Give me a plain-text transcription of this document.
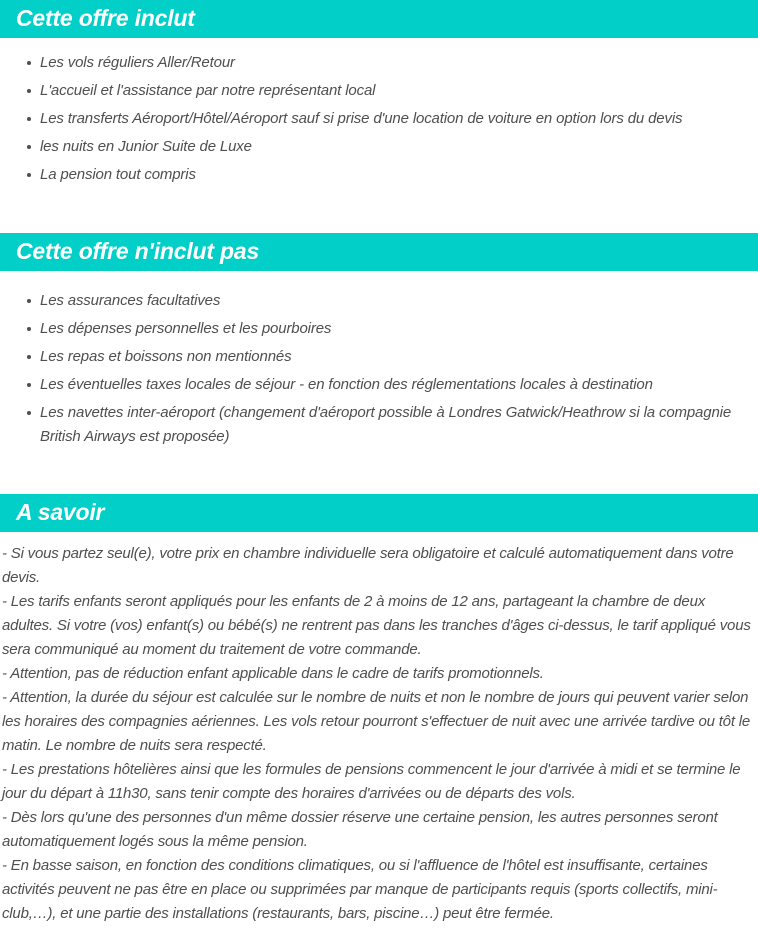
Cette offre inclut
Les vols réguliers Aller/Retour
L'accueil et l'assistance par notre représentant local
Les transferts Aéroport/Hôtel/Aéroport sauf si prise d'une location de voiture en option lors du devis
les nuits en Junior Suite de Luxe
La pension tout compris
Cette offre n'inclut pas
Les assurances facultatives
Les dépenses personnelles et les pourboires
Les repas et boissons non mentionnés
Les éventuelles taxes locales de séjour - en fonction des réglementations locales à destination
Les navettes inter-aéroport (changement d'aéroport possible à Londres Gatwick/Heathrow si la compagnie British Airways est proposée)
A savoir

- Si vous partez seul(e), votre prix en chambre individuelle sera obligatoire et calculé automatiquement dans votre devis.

- Les tarifs enfants seront appliqués pour les enfants de 2 à moins de 12 ans, partageant la chambre de deux adultes. Si votre (vos) enfant(s) ou bébé(s) ne rentrent pas dans les tranches d'âges ci-dessus, le tarif appliqué vous sera communiqué au moment du traitement de votre commande.

- Attention, pas de réduction enfant applicable dans le cadre de tarifs promotionnels.

- Attention, la durée du séjour est calculée sur le nombre de nuits et non le nombre de jours qui peuvent varier selon les horaires des compagnies aériennes. Les vols retour pourront s'effectuer de nuit avec une arrivée tardive ou tôt le matin. Le nombre de nuits sera respecté.

- Les prestations hôtelières ainsi que les formules de pensions commencent le jour d'arrivée à midi et se termine le jour du départ à 11h30, sans tenir compte des horaires d'arrivées ou de départs des vols.

- Dès lors qu'une des personnes d'un même dossier réserve une certaine pension, les autres personnes seront automatiquement logés sous la même pension.

- En basse saison, en fonction des conditions climatiques, ou si l'affluence de l'hôtel est insuffisante, certaines activités peuvent ne pas être en place ou supprimées par manque de participants requis (sports collectifs, mini-club,…), et une partie des installations (restaurants, bars, piscine…) peut être fermée.
